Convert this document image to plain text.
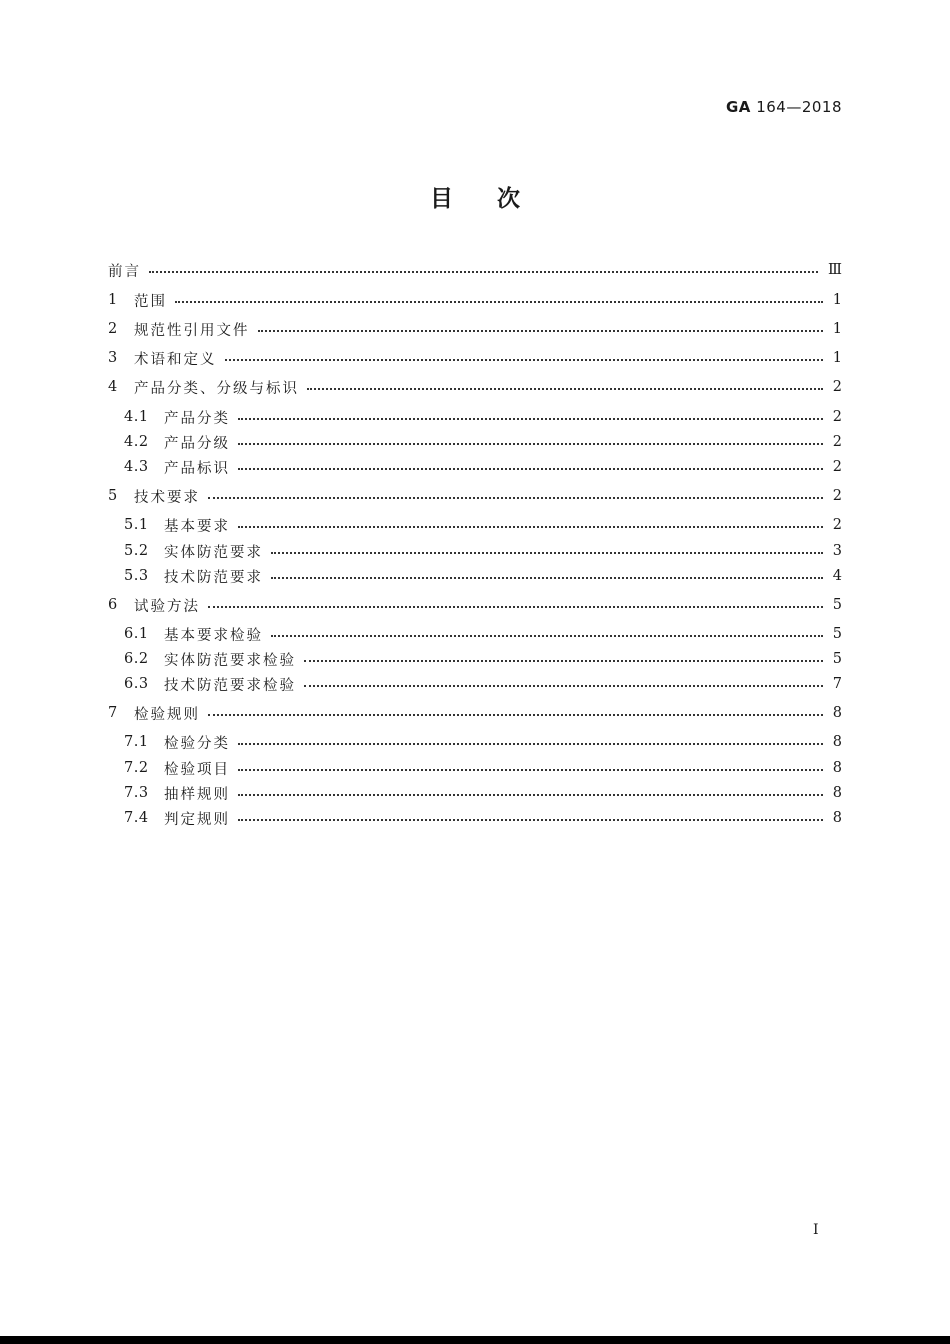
GA 164—2018
目次
前言	Ⅲ
1	范围	1
2	规范性引用文件	1
3	术语和定义	1
4	产品分类、分级与标识	2
4.1	产品分类	2
4.2	产品分级	2
4.3	产品标识	2
5	技术要求	2
5.1	基本要求	2
5.2	实体防范要求	3
5.3	技术防范要求	4
6	试验方法	5
6.1	基本要求检验	5
6.2	实体防范要求检验	5
6.3	技术防范要求检验	7
7	检验规则	8
7.1	检验分类	8
7.2	检验项目	8
7.3	抽样规则	8
7.4	判定规则	8
I
